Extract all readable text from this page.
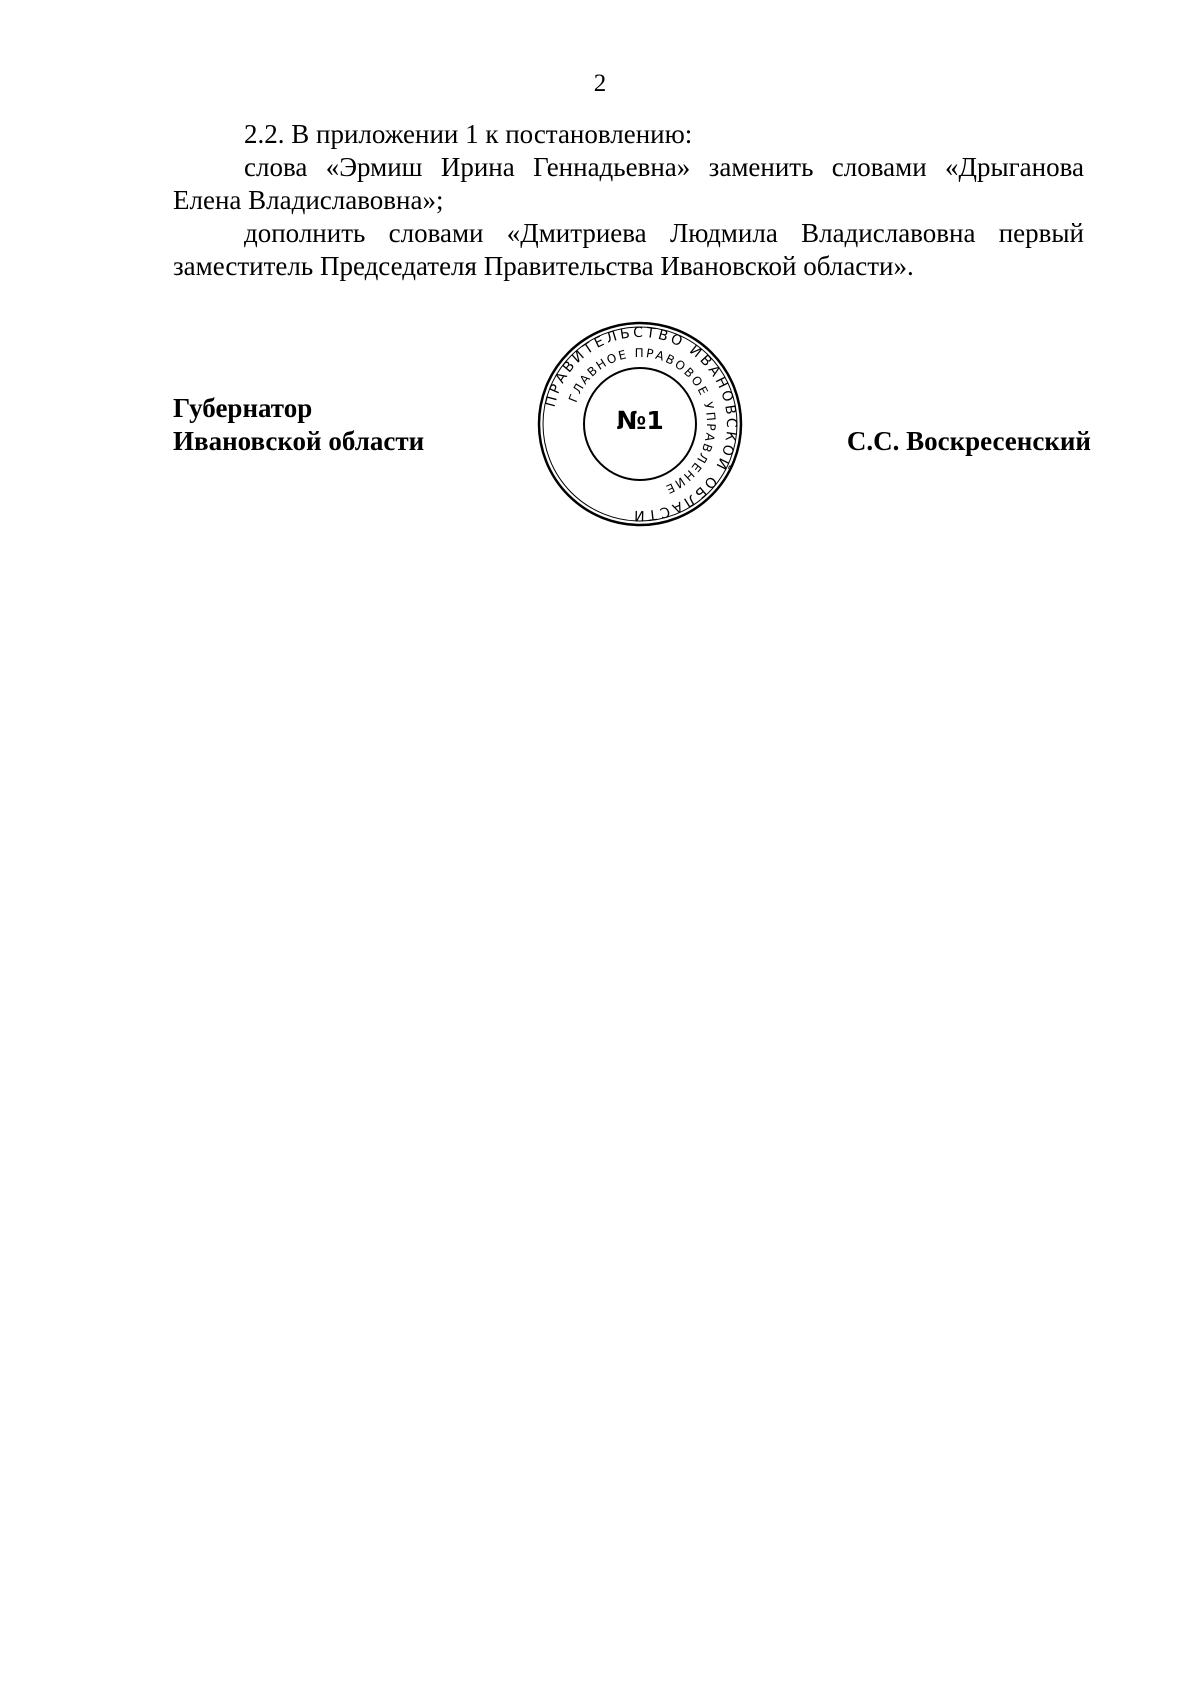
2

2.2. В приложении 1 к постановлению:

слова «Эрмиш Ирина Геннадьевна» заменить словами «Дрыганова Елена Владиславовна»;

дополнить словами «Дмитриева Людмила Владиславовна первый заместитель Председателя Правительства Ивановской области».

Губернатор
Ивановской области	С.С. Воскресенский
ПРАВИТЕЛЬСТВО ИВАНОВСКОЙ ОБЛАСТИ
ГЛАВНОЕ ПРАВОВОЕ УПРАВЛЕНИЕ
№1
